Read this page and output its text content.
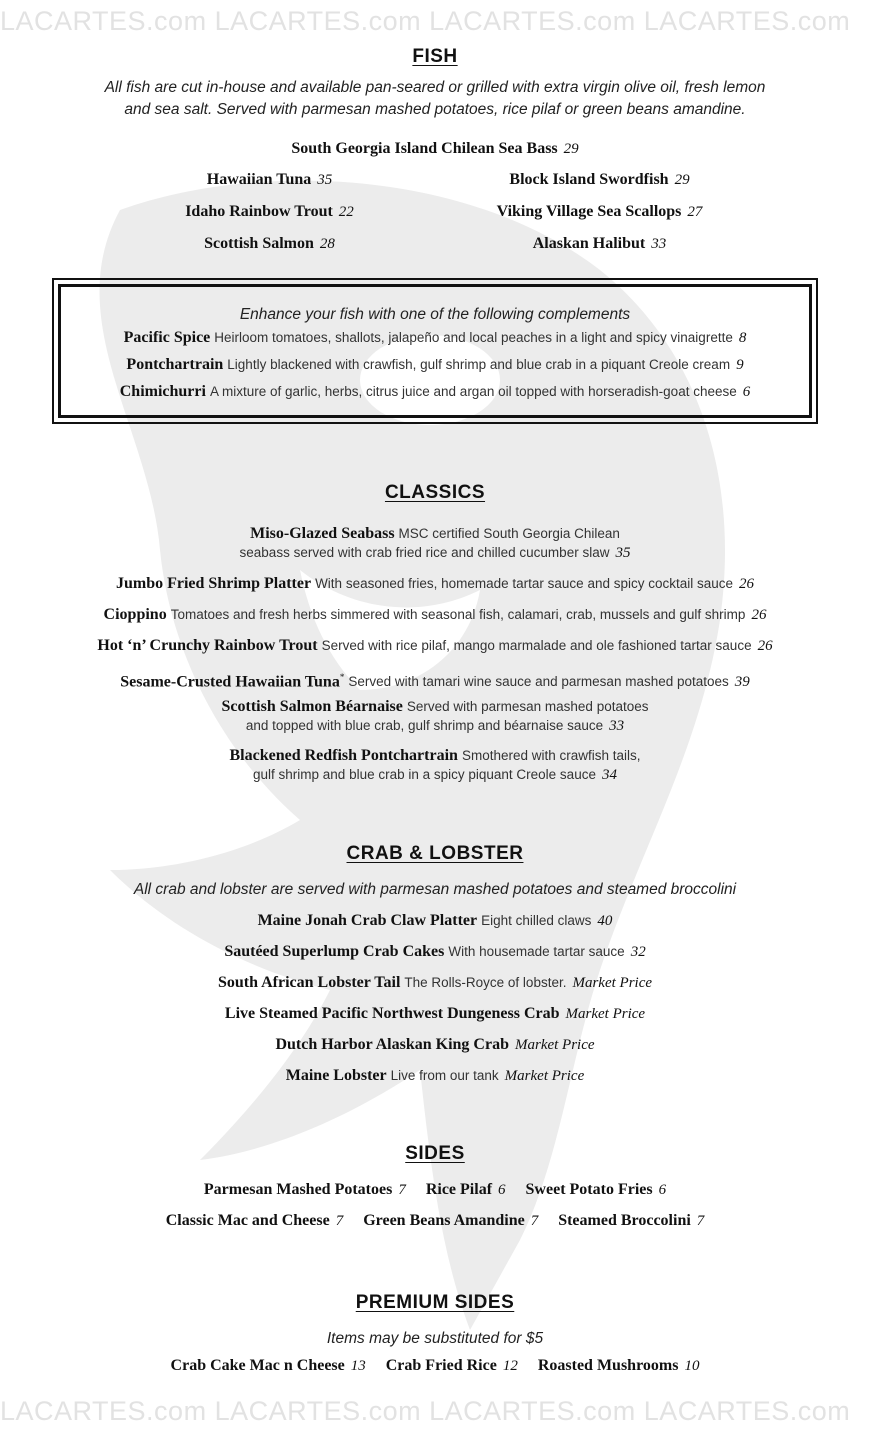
LACARTES.com LACARTES.com LACARTES.com LACARTES.com
LACARTES.com LACARTES.com LACARTES.com LACARTES.com
FISH
All fish are cut in-house and available pan-seared or grilled with extra virgin olive oil, fresh lemon
and sea salt. Served with parmesan mashed potatoes, rice pilaf or green beans amandine.
South Georgia Island Chilean Sea Bass 29
Hawaiian Tuna 35
Idaho Rainbow Trout 22
Scottish Salmon 28
Block Island Swordfish 29
Viking Village Sea Scallops 27
Alaskan Halibut 33
Enhance your fish with one of the following complements
Pacific Spice Heirloom tomatoes, shallots, jalapeño and local peaches in a light and spicy vinaigrette 8
Pontchartrain Lightly blackened with crawfish, gulf shrimp and blue crab in a piquant Creole cream 9
Chimichurri A mixture of garlic, herbs, citrus juice and argan oil topped with horseradish-goat cheese 6
CLASSICS
Miso-Glazed Seabass MSC certified South Georgia Chilean
seabass served with crab fried rice and chilled cucumber slaw 35
Jumbo Fried Shrimp Platter With seasoned fries, homemade tartar sauce and spicy cocktail sauce 26
Cioppino Tomatoes and fresh herbs simmered with seasonal fish, calamari, crab, mussels and gulf shrimp 26
Hot ‘n’ Crunchy Rainbow Trout Served with rice pilaf, mango marmalade and ole fashioned tartar sauce 26
Sesame-Crusted Hawaiian Tuna* Served with tamari wine sauce and parmesan mashed potatoes 39
Scottish Salmon Béarnaise Served with parmesan mashed potatoes
and topped with blue crab, gulf shrimp and béarnaise sauce 33
Blackened Redfish Pontchartrain Smothered with crawfish tails,
gulf shrimp and blue crab in a spicy piquant Creole sauce 34
CRAB & LOBSTER
All crab and lobster are served with parmesan mashed potatoes and steamed broccolini
Maine Jonah Crab Claw Platter Eight chilled claws 40
Sautéed Superlump Crab Cakes With housemade tartar sauce 32
South African Lobster Tail The Rolls-Royce of lobster. Market Price
Live Steamed Pacific Northwest Dungeness Crab Market Price
Dutch Harbor Alaskan King Crab Market Price
Maine Lobster Live from our tank Market Price
SIDES
Parmesan Mashed Potatoes 7 Rice Pilaf 6 Sweet Potato Fries 6
Classic Mac and Cheese 7 Green Beans Amandine 7 Steamed Broccolini 7
PREMIUM SIDES
Items may be substituted for $5
Crab Cake Mac n Cheese 13 Crab Fried Rice 12 Roasted Mushrooms 10
